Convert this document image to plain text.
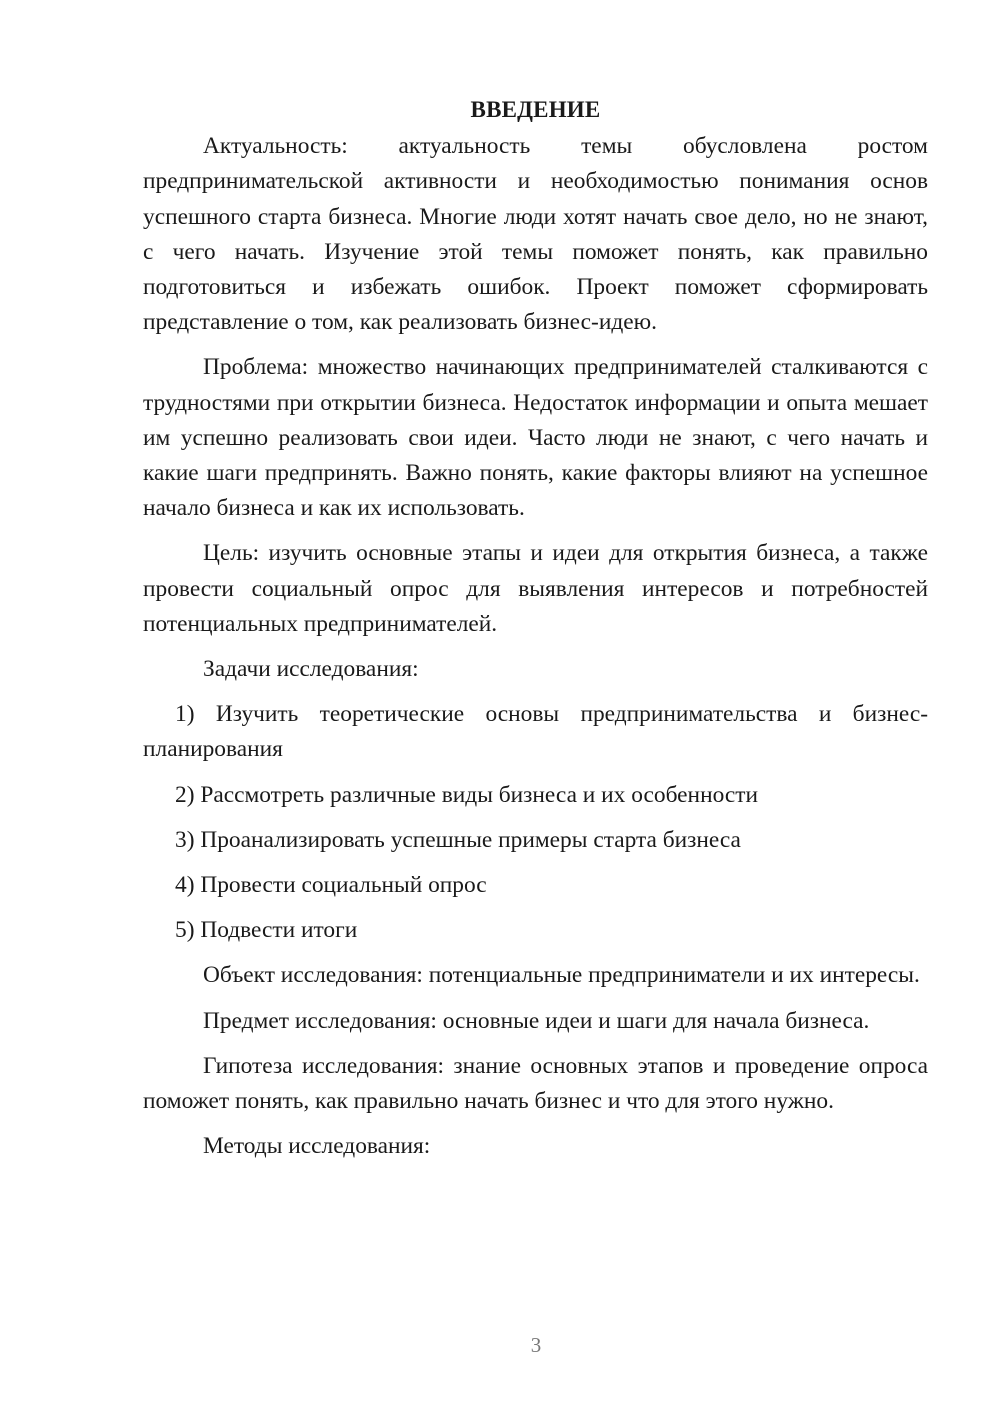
ВВЕДЕНИЕ

Актуальность: актуальность темы обусловлена ростом предпринимательской активности и необходимостью понимания основ успешного старта бизнеса. Многие люди хотят начать свое дело, но не знают, с чего начать. Изучение этой темы поможет понять, как правильно подготовиться и избежать ошибок. Проект поможет сформировать представление о том, как реализовать бизнес-идею.

Проблема: множество начинающих предпринимателей сталкиваются с трудностями при открытии бизнеса. Недостаток информации и опыта мешает им успешно реализовать свои идеи. Часто люди не знают, с чего начать и какие шаги предпринять. Важно понять, какие факторы влияют на успешное начало бизнеса и как их использовать.

Цель: изучить основные этапы и идеи для открытия бизнеса, а также провести социальный опрос для выявления интересов и потребностей потенциальных предпринимателей.

Задачи исследования:

1) Изучить теоретические основы предпринимательства и бизнес-планирования

2) Рассмотреть различные виды бизнеса и их особенности

3) Проанализировать успешные примеры старта бизнеса

4) Провести социальный опрос

5) Подвести итоги

Объект исследования: потенциальные предприниматели и их интересы.

Предмет исследования: основные идеи и шаги для начала бизнеса.

Гипотеза исследования: знание основных этапов и проведение опроса поможет понять, как правильно начать бизнес и что для этого нужно.

Методы исследования:

3
